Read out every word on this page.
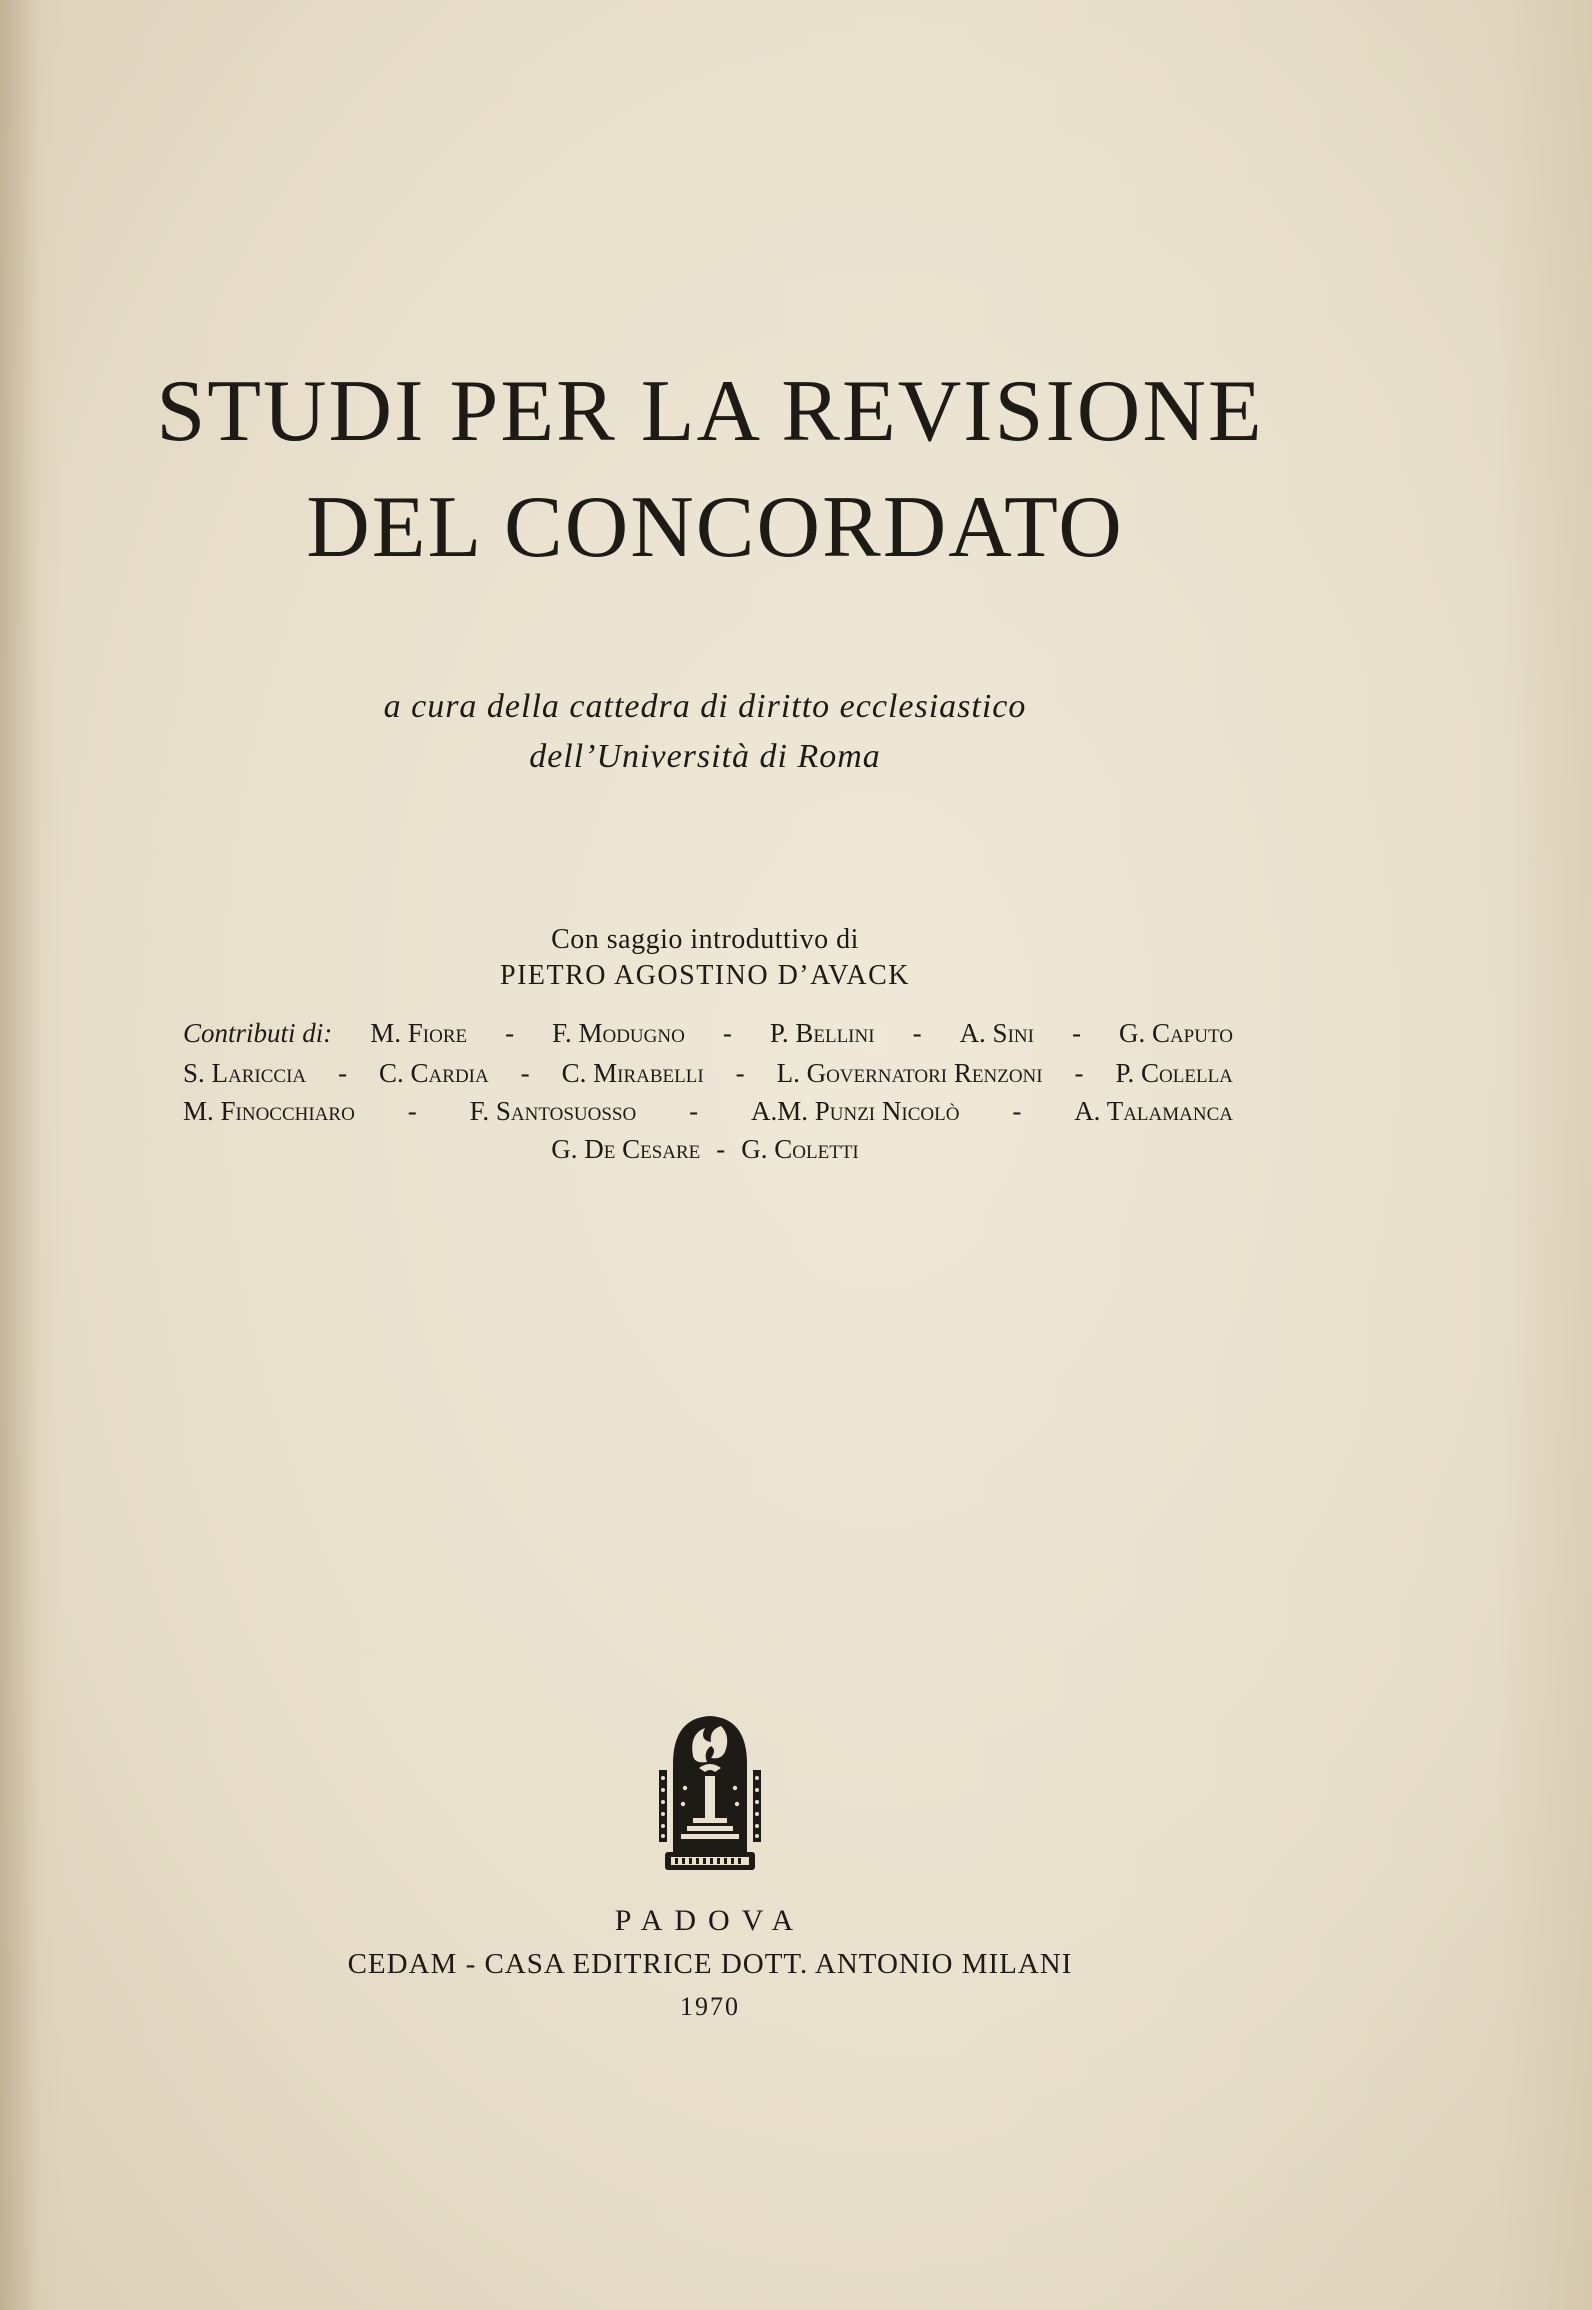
STUDI PER LA REVISIONE
DEL CONCORDATO
a cura della cattedra di diritto ecclesiastico
dell’Università di Roma
Con saggio introduttivo di
PIETRO AGOSTINO D’AVACK
Contributi di: M. Fiore - F. Modugno - P. Bellini - A. Sini - G. Caputo
S. Lariccia - C. Cardia - C. Mirabelli - L. Governatori Renzoni - P. Colella
M. Finocchiaro - F. Santosuosso - A.M. Punzi Nicolò - A. Talamanca
G. De Cesare - G. Coletti
PADOVA
CEDAM - CASA EDITRICE DOTT. ANTONIO MILANI
1970
